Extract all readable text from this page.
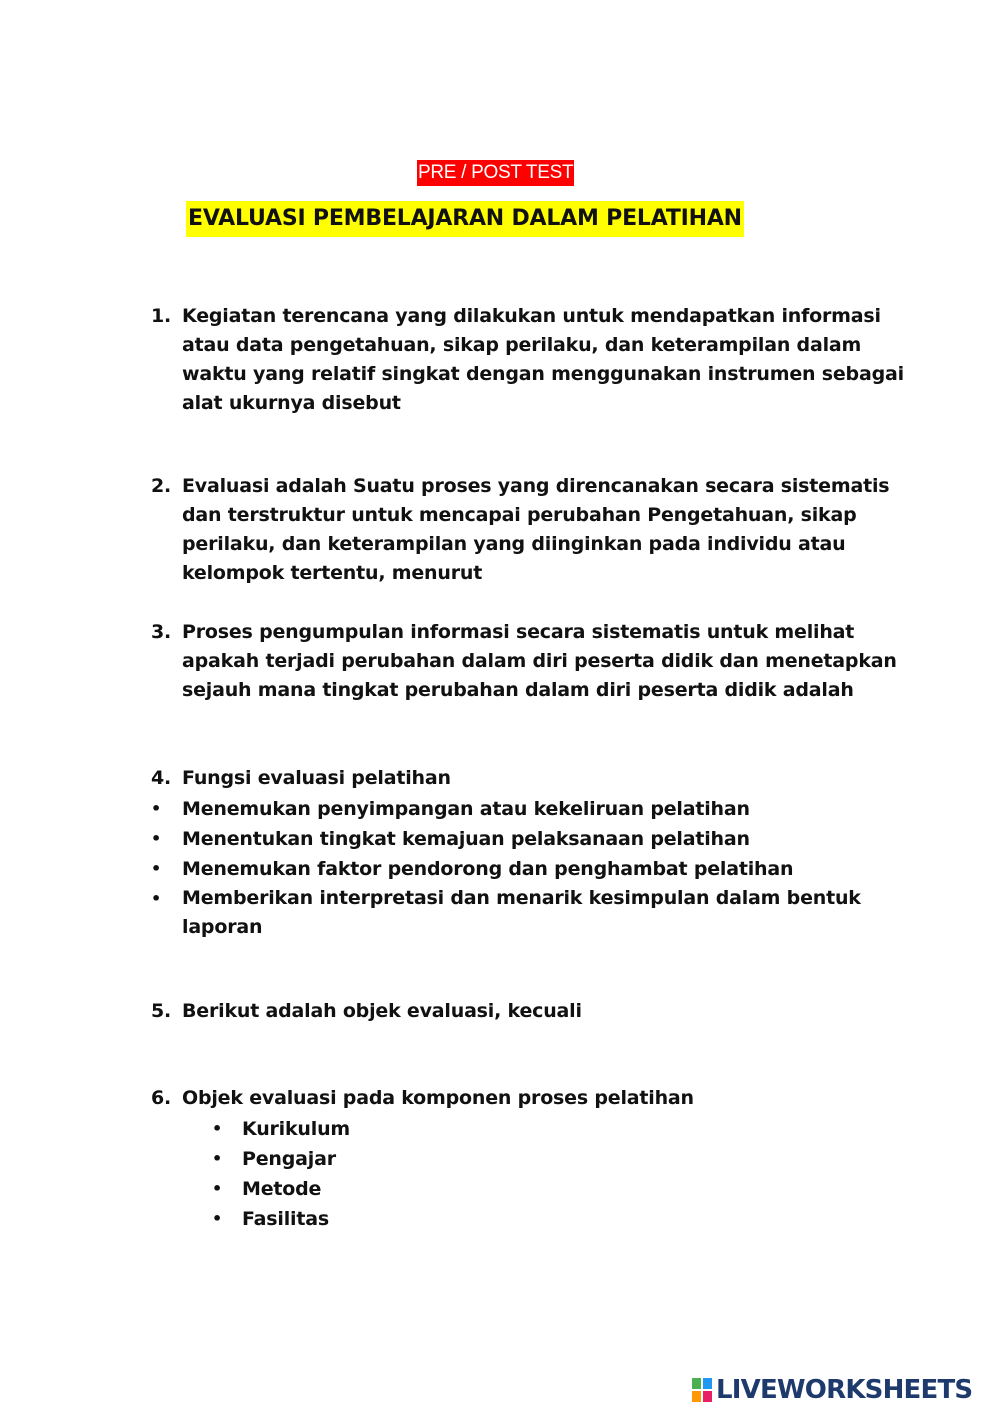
PRE / POST TEST
EVALUASI PEMBELAJARAN DALAM PELATIHAN
1. Kegiatan terencana yang dilakukan untuk mendapatkan informasi atau data pengetahuan, sikap perilaku, dan keterampilan dalam waktu yang relatif singkat dengan menggunakan instrumen sebagai alat ukurnya disebut
2. Evaluasi adalah Suatu proses yang direncanakan secara sistematis dan terstruktur untuk mencapai perubahan Pengetahuan, sikap perilaku, dan keterampilan yang diinginkan pada individu atau kelompok tertentu, menurut
3. Proses pengumpulan informasi secara sistematis untuk melihat apakah terjadi perubahan dalam diri peserta didik dan menetapkan sejauh mana tingkat perubahan dalam diri peserta didik adalah
4. Fungsi evaluasi pelatihan
• Menemukan penyimpangan atau kekeliruan pelatihan
• Menentukan tingkat kemajuan pelaksanaan pelatihan
• Menemukan faktor pendorong dan penghambat pelatihan
• Memberikan interpretasi dan menarik kesimpulan dalam bentuk laporan
5. Berikut adalah objek evaluasi, kecuali
6. Objek evaluasi pada komponen proses pelatihan
• Kurikulum
• Pengajar
• Metode
• Fasilitas
LIVEWORKSHEETS
